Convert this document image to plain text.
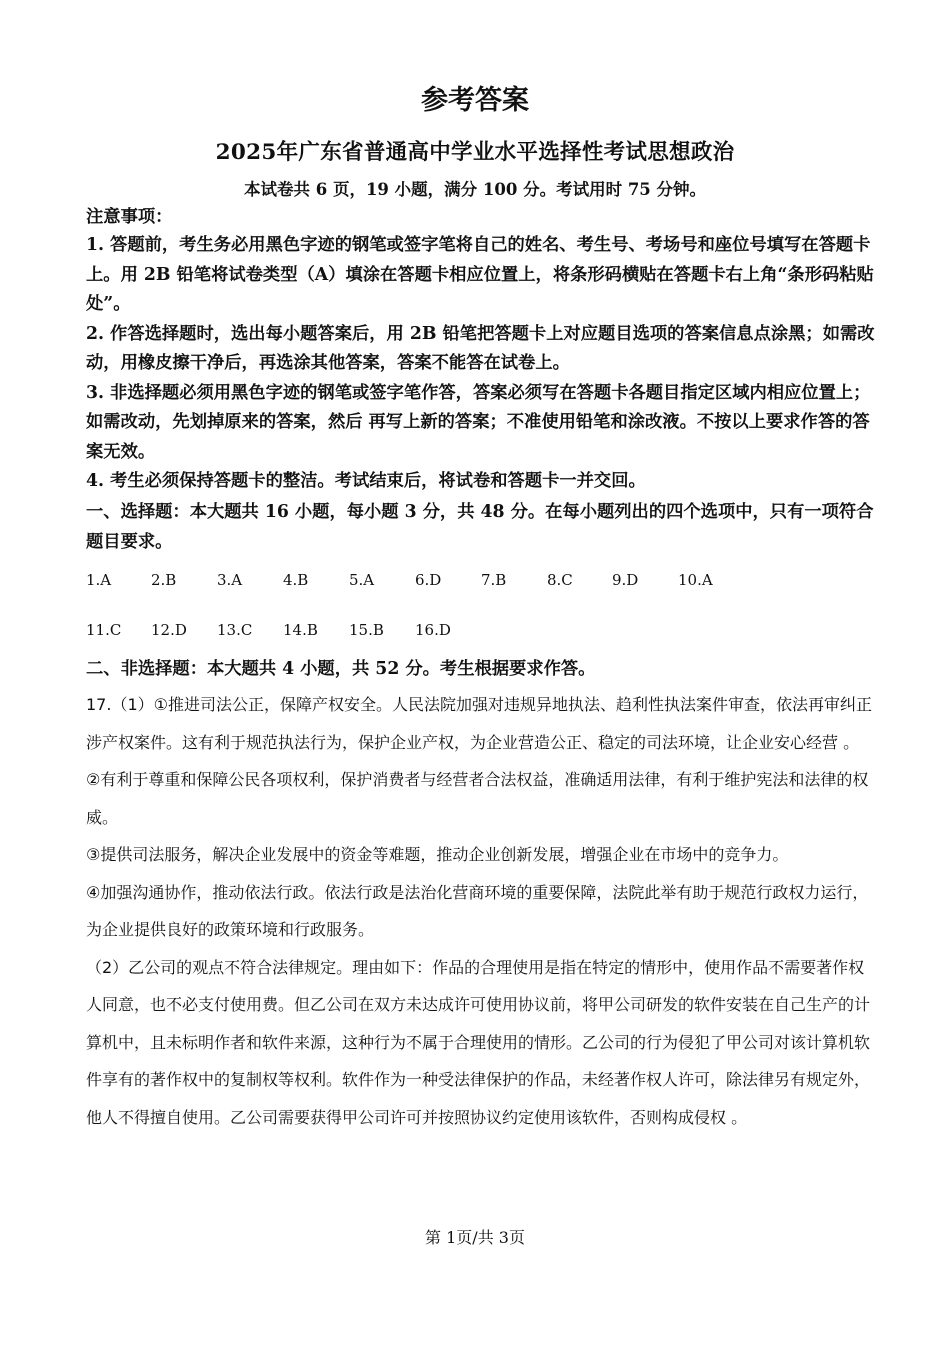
参考答案
2025年广东省普通高中学业水平选择性考试思想政治
本试卷共 6 页，19 小题，满分 100 分。考试用时 75 分钟。
注意事项：
1. 答题前，考生务必用黑色字迹的钢笔或签字笔将自己的姓名、考生号、考场号和座位号填写在答题卡上。用 2B 铅笔将试卷类型（A）填涂在答题卡相应位置上，将条形码横贴在答题卡右上角“条形码粘贴处”。
2. 作答选择题时，选出每小题答案后，用 2B 铅笔把答题卡上对应题目选项的答案信息点涂黑；如需改动，用橡皮擦干净后，再选涂其他答案，答案不能答在试卷上。
3. 非选择题必须用黑色字迹的钢笔或签字笔作答，答案必须写在答题卡各题目指定区域内相应位置上；如需改动，先划掉原来的答案，然后 再写上新的答案；不准使用铅笔和涂改液。不按以上要求作答的答案无效。
4. 考生必须保持答题卡的整洁。考试结束后，将试卷和答题卡一并交回。
一、选择题：本大题共 16 小题，每小题 3 分，共 48 分。在每小题列出的四个选项中，只有一项符合题目要求。
1.A	2.B	3.A	4.B	5.A	6.D	7.B	8.C	9.D	10.A
11.C 12.D 13.C 14.B 15.B 16.D
二、非选择题：本大题共 4 小题，共 52 分。考生根据要求作答。

17.（1）①推进司法公正，保障产权安全。人民法院加强对违规异地执法、趋利性执法案件审查，依法再审纠正涉产权案件。这有利于规范执法行为，保护企业产权，为企业营造公正、稳定的司法环境，让企业安心经营 。

②有利于尊重和保障公民各项权利，保护消费者与经营者合法权益，准确适用法律，有利于维护宪法和法律的权威。

③提供司法服务，解决企业发展中的资金等难题，推动企业创新发展，增强企业在市场中的竞争力。

④加强沟通协作，推动依法行政。依法行政是法治化营商环境的重要保障，法院此举有助于规范行政权力运行，为企业提供良好的政策环境和行政服务。

（2）乙公司的观点不符合法律规定。理由如下：作品的合理使用是指在特定的情形中，使用作品不需要著作权人同意，也不必支付使用费。但乙公司在双方未达成许可使用协议前，将甲公司研发的软件安装在自己生产的计算机中，且未标明作者和软件来源，这种行为不属于合理使用的情形。乙公司的行为侵犯了甲公司对该计算机软件享有的著作权中的复制权等权利。软件作为一种受法律保护的作品，未经著作权人许可，除法律另有规定外，他人不得擅自使用。乙公司需要获得甲公司许可并按照协议约定使用该软件，否则构成侵权 。

第 1页/共 3页
